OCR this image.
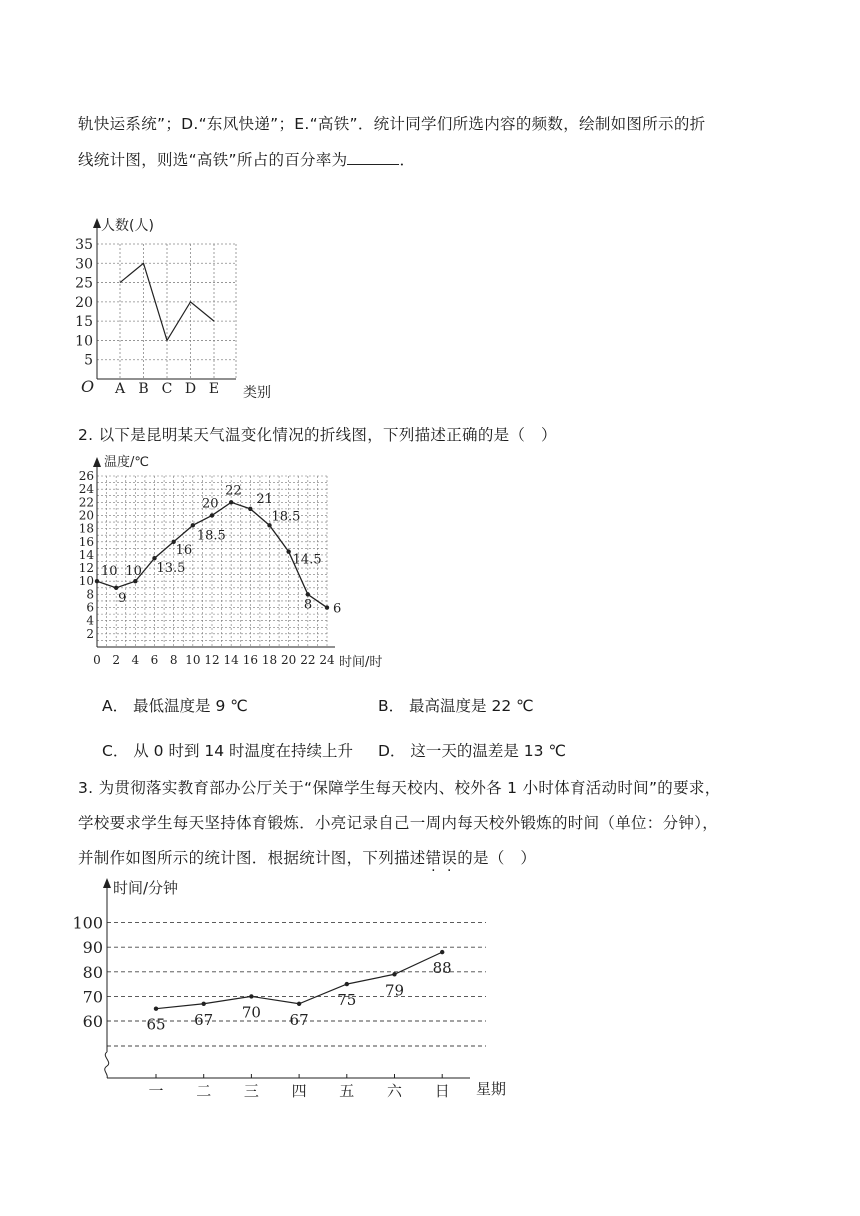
轨快运系统”；D.“东风快递”；E.“高铁”．统计同学们所选内容的频数，绘制如图所示的折
线统计图，则选“高铁”所占的百分率为	．
5
10
15
20
25
30
35
A B C D E
人数(人)
类别
O
2. 以下是昆明某天气温变化情况的折线图，下列描述正确的是（　）
2
4
6
8
10
12
14
16
18
20
22
24
26
0 2 4 6 8 10 12 14 16 18 20 22 24
10
9
10 13.5
16
18.5
20
22
21
18.5
14.5
8 6
温度/℃
时间/时
A． 最低温度是 9 ℃	B． 最高温度是 22 ℃
C． 从 0 时到 14 时温度在持续上升 D． 这一天的温差是 13 ℃
3. 为贯彻落实教育部办公厅关于“保障学生每天校内、校外各 1 小时体育活动时间”的要求，
学校要求学生每天坚持体育锻炼．小亮记录自己一周内每天校外锻炼的时间（单位：分钟），
并制作如图所示的统计图．根据统计图，下列描述错误的是（　）
60
70
80
90
100
一 二 三 四 五 六 日
65 67 70 67
75
79
88
时间/分钟
星期
